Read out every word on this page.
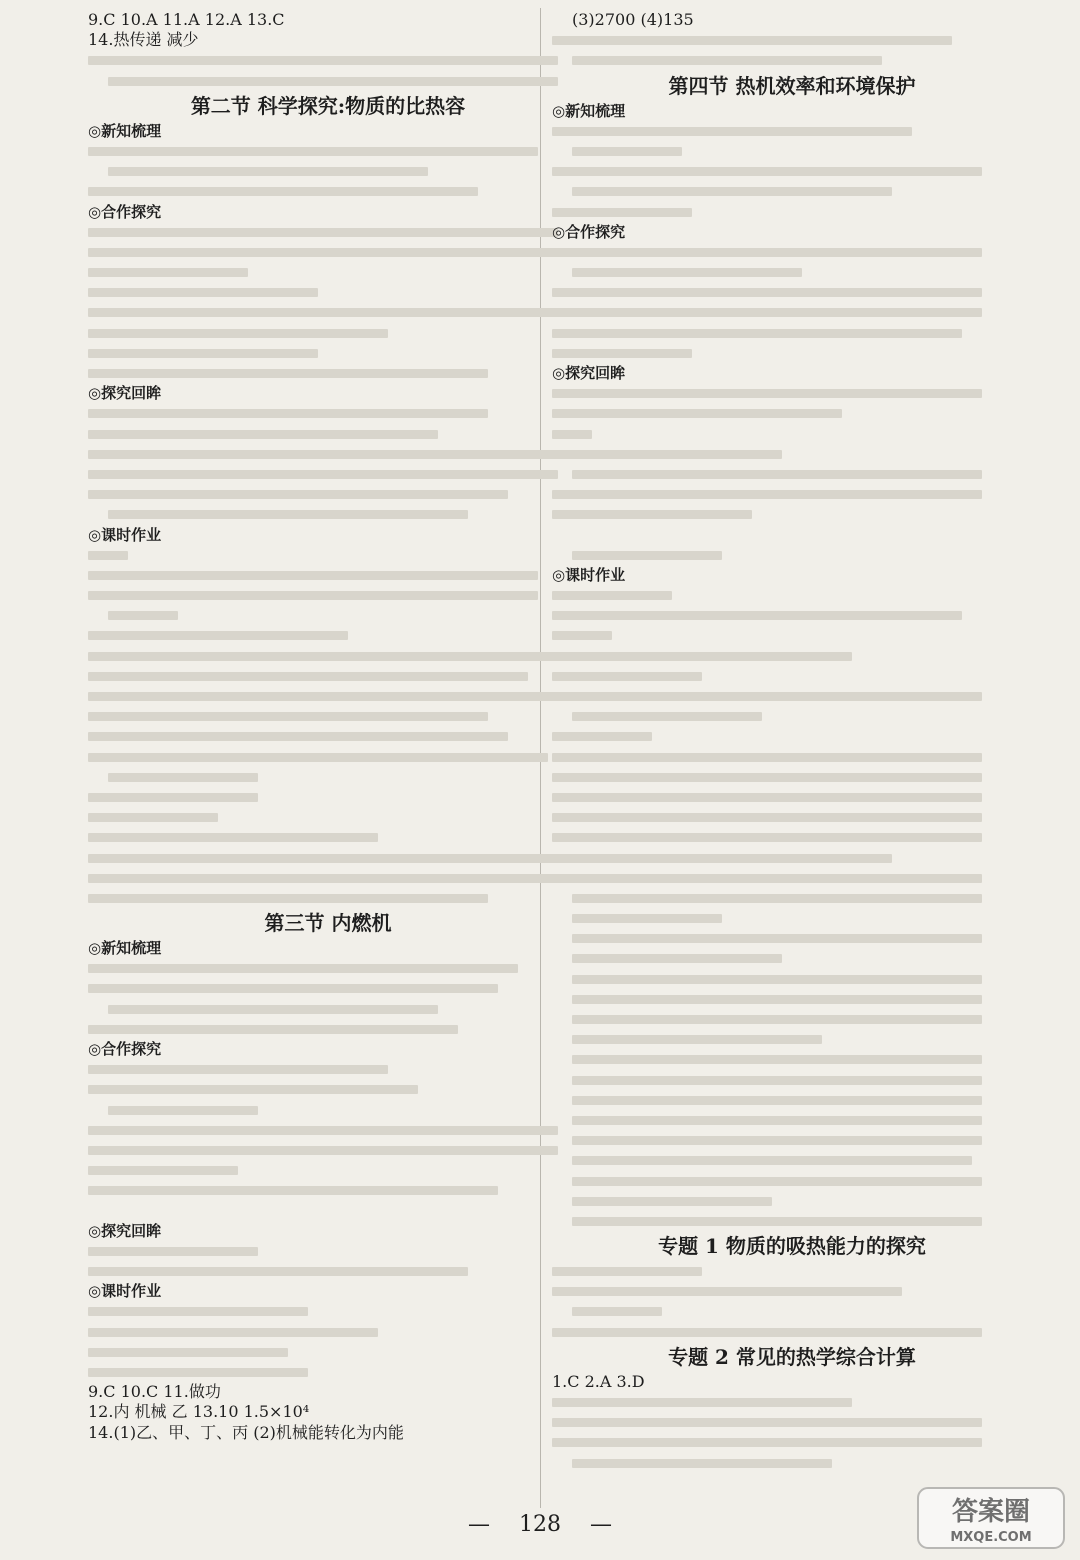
9.C 10.A 11.A 12.A 13.C
14.热传递 减少
第二节 科学探究:物质的比热容
◎新知梳理
◎合作探究
◎探究回眸
◎课时作业
第三节 内燃机
◎新知梳理
◎合作探究
◎探究回眸
◎课时作业
9.C 10.C 11.做功
12.内 机械 乙 13.10 1.5×10⁴
14.(1)乙、甲、丁、丙 (2)机械能转化为内能
(3)2700 (4)135
第四节 热机效率和环境保护
◎新知梳理
◎合作探究
◎探究回眸
◎课时作业
专题 1 物质的吸热能力的探究
专题 2 常见的热学综合计算
1.C 2.A 3.D
— 128 —	答案圈
MXQE.COM
